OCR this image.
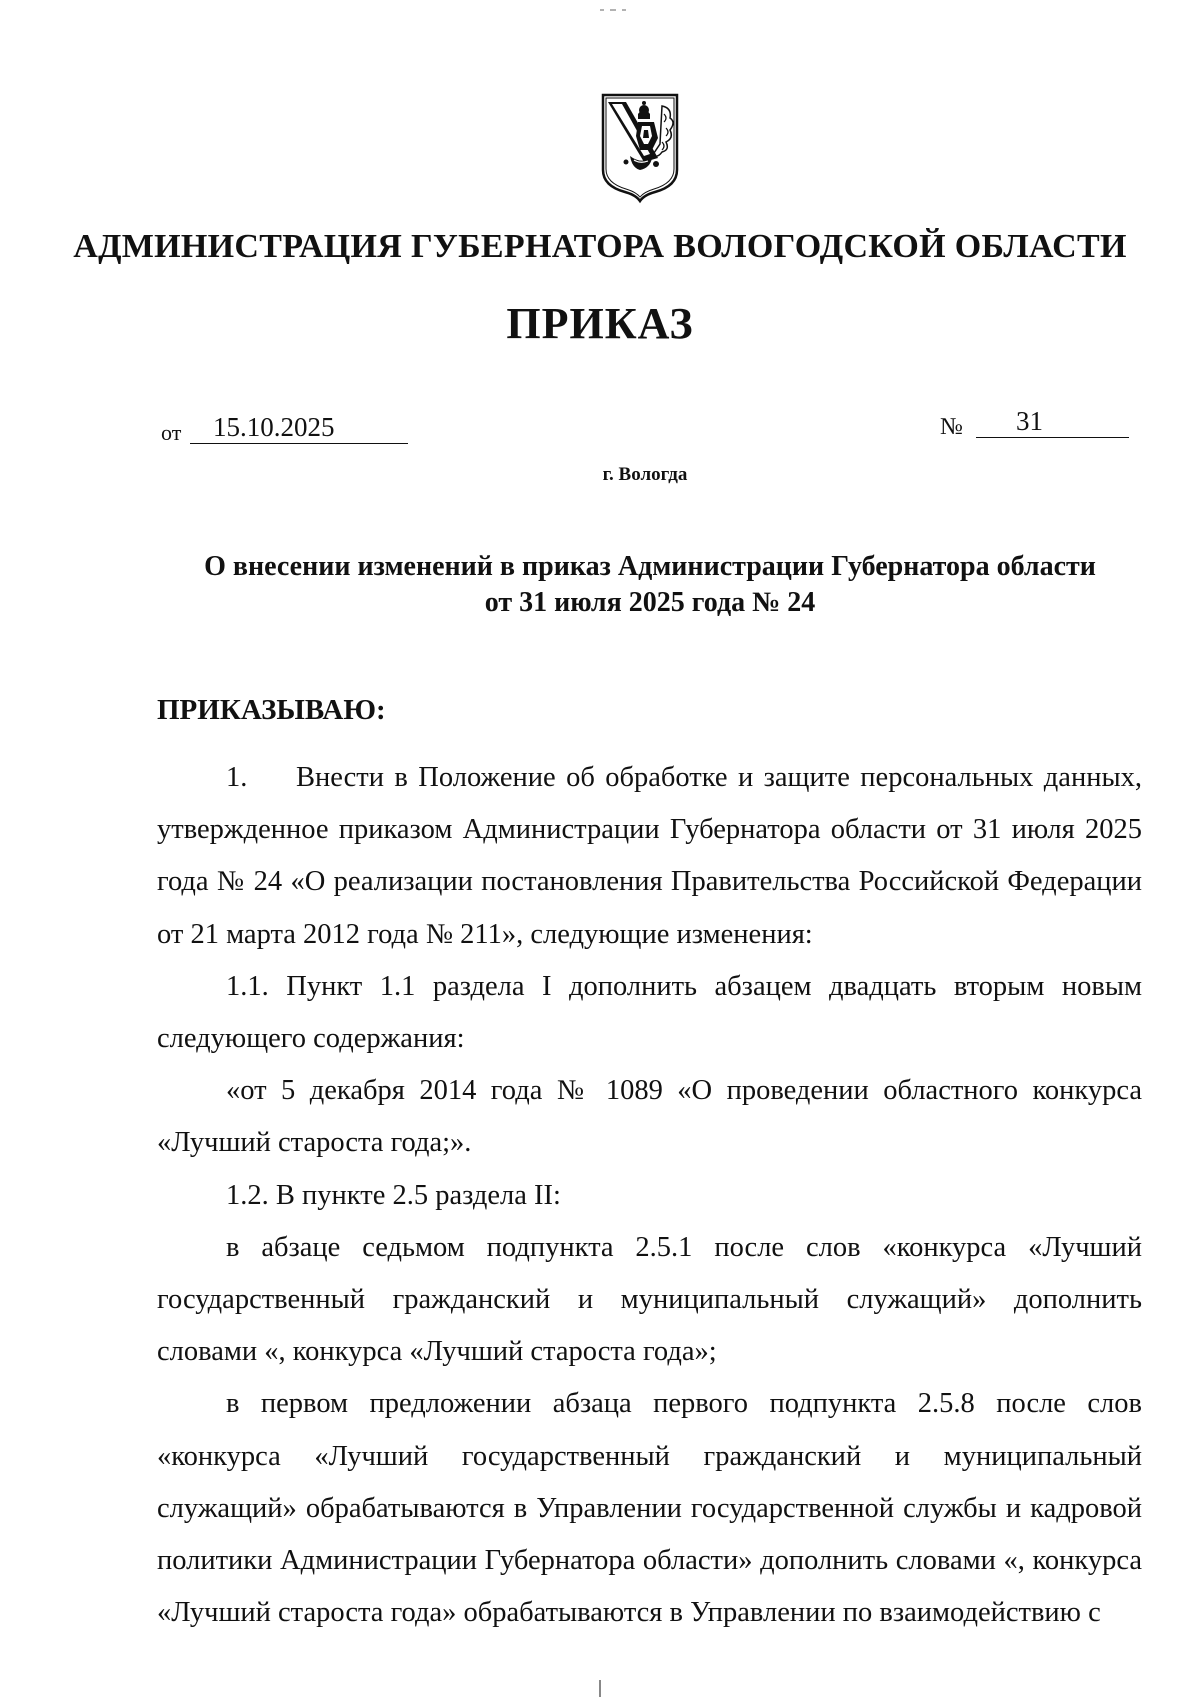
АДМИНИСТРАЦИЯ ГУБЕРНАТОРА ВОЛОГОДСКОЙ ОБЛАСТИ
ПРИКАЗ
от	15.10.2025	№	31
г. Вологда
О внесении изменений в приказ Администрации Губернатора области
от 31 июля 2025 года № 24
ПРИКАЗЫВАЮ:

1. Внести в Положение об обработке и защите персональных данных, утвержденное приказом Администрации Губернатора области от 31 июля 2025 года № 24 «О реализации постановления Правительства Российской Федерации от 21 марта 2012 года № 211», следующие изменения:

1.1. Пункт 1.1 раздела I дополнить абзацем двадцать вторым новым следующего содержания:

«от 5 декабря 2014 года № 1089 «О проведении областного конкурса «Лучший староста года;».

1.2. В пункте 2.5 раздела II:

в абзаце седьмом подпункта 2.5.1 после слов «конкурса «Лучший государственный гражданский и муниципальный служащий» дополнить словами «, конкурса «Лучший староста года»;

в первом предложении абзаца первого подпункта 2.5.8 после слов «конкурса «Лучший государственный гражданский и муниципальный служащий» обрабатываются в Управлении государственной службы и кадровой политики Администрации Губернатора области» дополнить словами «, конкурса «Лучший староста года» обрабатываются в Управлении по взаимодействию с
